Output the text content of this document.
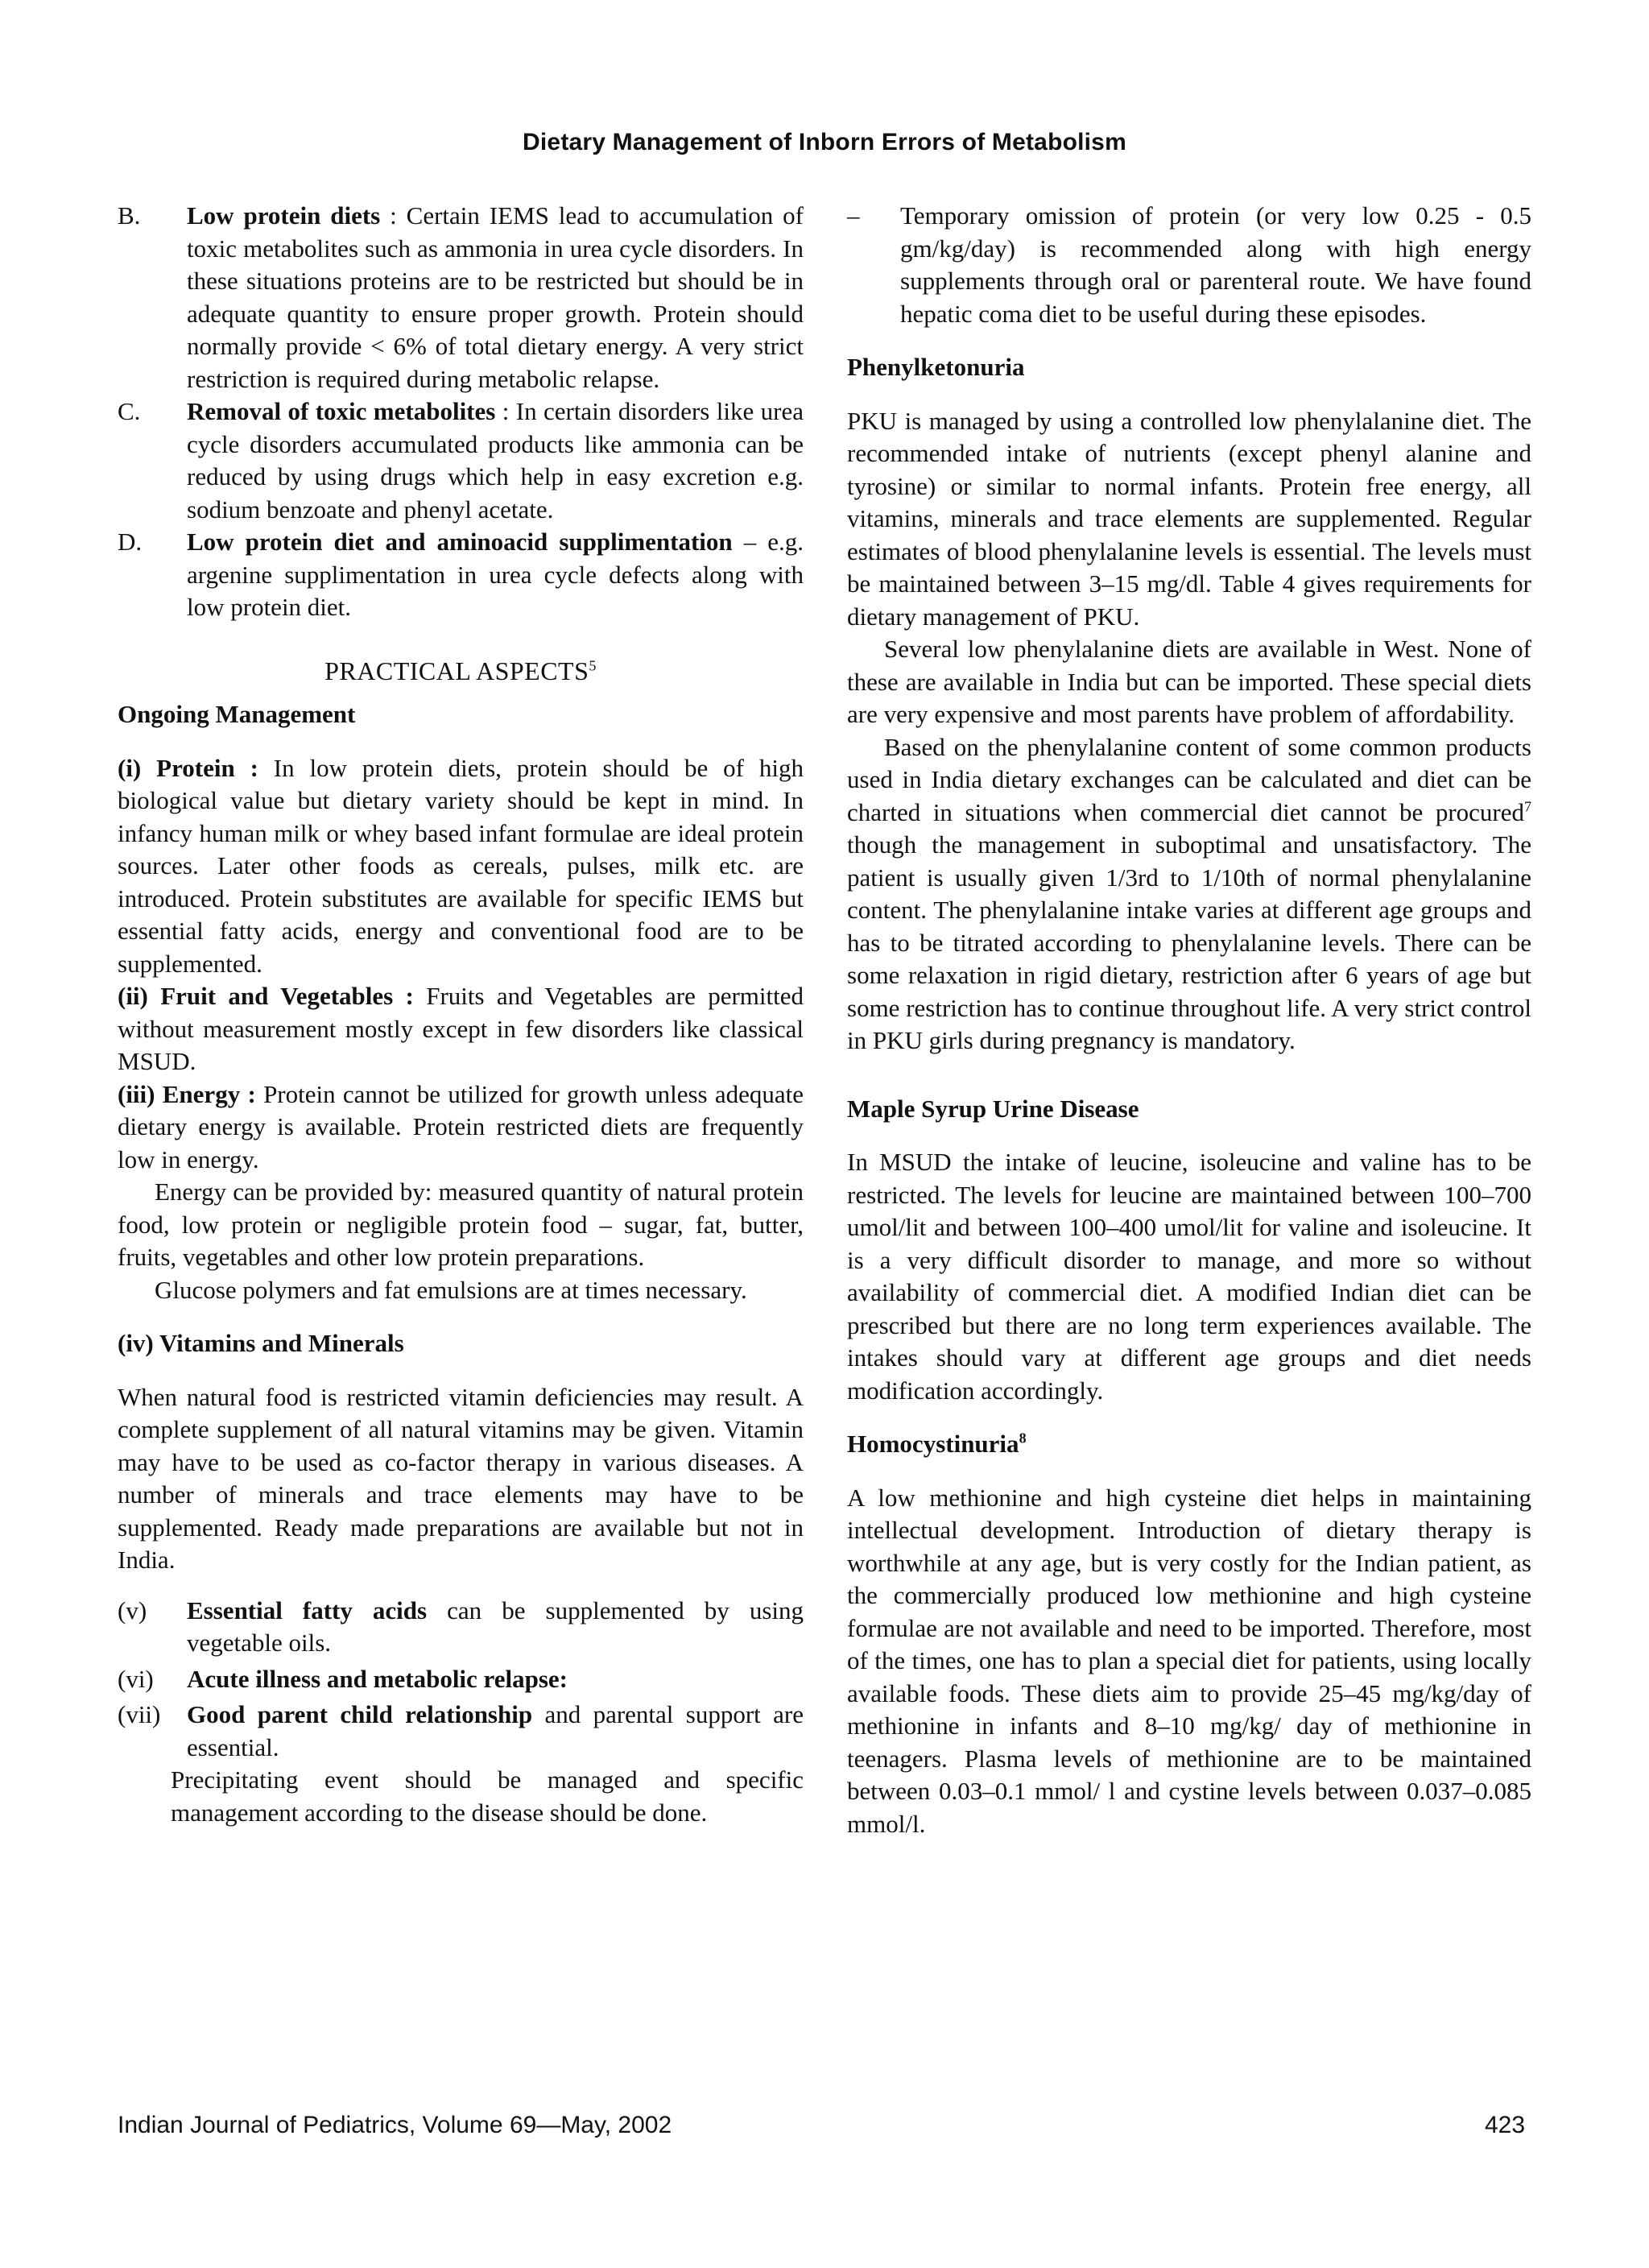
Dietary Management of Inborn Errors of Metabolism
B.	Low protein diets : Certain IEMS lead to accumulation of toxic metabolites such as ammonia in urea cycle disorders. In these situations proteins are to be restricted but should be in adequate quantity to ensure proper growth. Protein should normally provide < 6% of total dietary energy. A very strict restriction is required during metabolic relapse.

C.	Removal of toxic metabolites : In certain disorders like urea cycle disorders accumulated products like ammonia can be reduced by using drugs which help in easy excretion e.g. sodium benzoate and phenyl acetate.

D.	Low protein diet and aminoacid supplimentation – e.g. argenine supplimentation in urea cycle defects along with low protein diet.

PRACTICAL ASPECTS$^5$
Ongoing Management

(i) Protein : In low protein diets, protein should be of high biological value but dietary variety should be kept in mind. In infancy human milk or whey based infant formulae are ideal protein sources. Later other foods as cereals, pulses, milk etc. are introduced. Protein substitutes are available for specific IEMS but essential fatty acids, energy and conventional food are to be supplemented.

(ii) Fruit and Vegetables : Fruits and Vegetables are permitted without measurement mostly except in few disorders like classical MSUD.

(iii) Energy : Protein cannot be utilized for growth unless adequate dietary energy is available. Protein restricted diets are frequently low in energy.

Energy can be provided by: measured quantity of natural protein food, low protein or negligible protein food – sugar, fat, butter, fruits, vegetables and other low protein preparations.

Glucose polymers and fat emulsions are at times necessary.

(iv) Vitamins and Minerals

When natural food is restricted vitamin deficiencies may result. A complete supplement of all natural vitamins may be given. Vitamin may have to be used as co-factor therapy in various diseases. A number of minerals and trace elements may have to be supplemented. Ready made preparations are available but not in India.

(v)	Essential fatty acids can be supplemented by using vegetable oils.

(vi)	Acute illness and metabolic relapse:

(vii)	Good parent child relationship and parental support are essential.

Precipitating event should be managed and specific management according to the disease should be done.

–	Temporary omission of protein (or very low 0.25 - 0.5 gm/kg/day) is recommended along with high energy supplements through oral or parenteral route. We have found hepatic coma diet to be useful during these episodes.

Phenylketonuria

PKU is managed by using a controlled low phenylalanine diet. The recommended intake of nutrients (except phenyl alanine and tyrosine) or similar to normal infants. Protein free energy, all vitamins, minerals and trace elements are supplemented. Regular estimates of blood phenylalanine levels is essential. The levels must be maintained between 3–15 mg/dl. Table 4 gives requirements for dietary management of PKU.

Several low phenylalanine diets are available in West. None of these are available in India but can be imported. These special diets are very expensive and most parents have problem of affordability.

Based on the phenylalanine content of some common products used in India dietary exchanges can be calculated and diet can be charted in situations when commercial diet cannot be procured$^7$ though the management in suboptimal and unsatisfactory. The patient is usually given 1/3rd to 1/10th of normal phenylalanine content. The phenylalanine intake varies at different age groups and has to be titrated according to phenylalanine levels. There can be some relaxation in rigid dietary, restriction after 6 years of age but some restriction has to continue throughout life. A very strict control in PKU girls during pregnancy is mandatory.

Maple Syrup Urine Disease

In MSUD the intake of leucine, isoleucine and valine has to be restricted. The levels for leucine are maintained between 100–700 umol/lit and between 100–400 umol/lit for valine and isoleucine. It is a very difficult disorder to manage, and more so without availability of commercial diet. A modified Indian diet can be prescribed but there are no long term experiences available. The intakes should vary at different age groups and diet needs modification accordingly.

Homocystinuria$^8$

A low methionine and high cysteine diet helps in maintaining intellectual development. Introduction of dietary therapy is worthwhile at any age, but is very costly for the Indian patient, as the commercially produced low methionine and high cysteine formulae are not available and need to be imported. Therefore, most of the times, one has to plan a special diet for patients, using locally available foods. These diets aim to provide 25–45 mg/kg/day of methionine in infants and 8–10 mg/kg/ day of methionine in teenagers. Plasma levels of methionine are to be maintained between 0.03–0.1 mmol/ l and cystine levels between 0.037–0.085 mmol/l.

Indian Journal of Pediatrics, Volume 69—May, 2002	423
